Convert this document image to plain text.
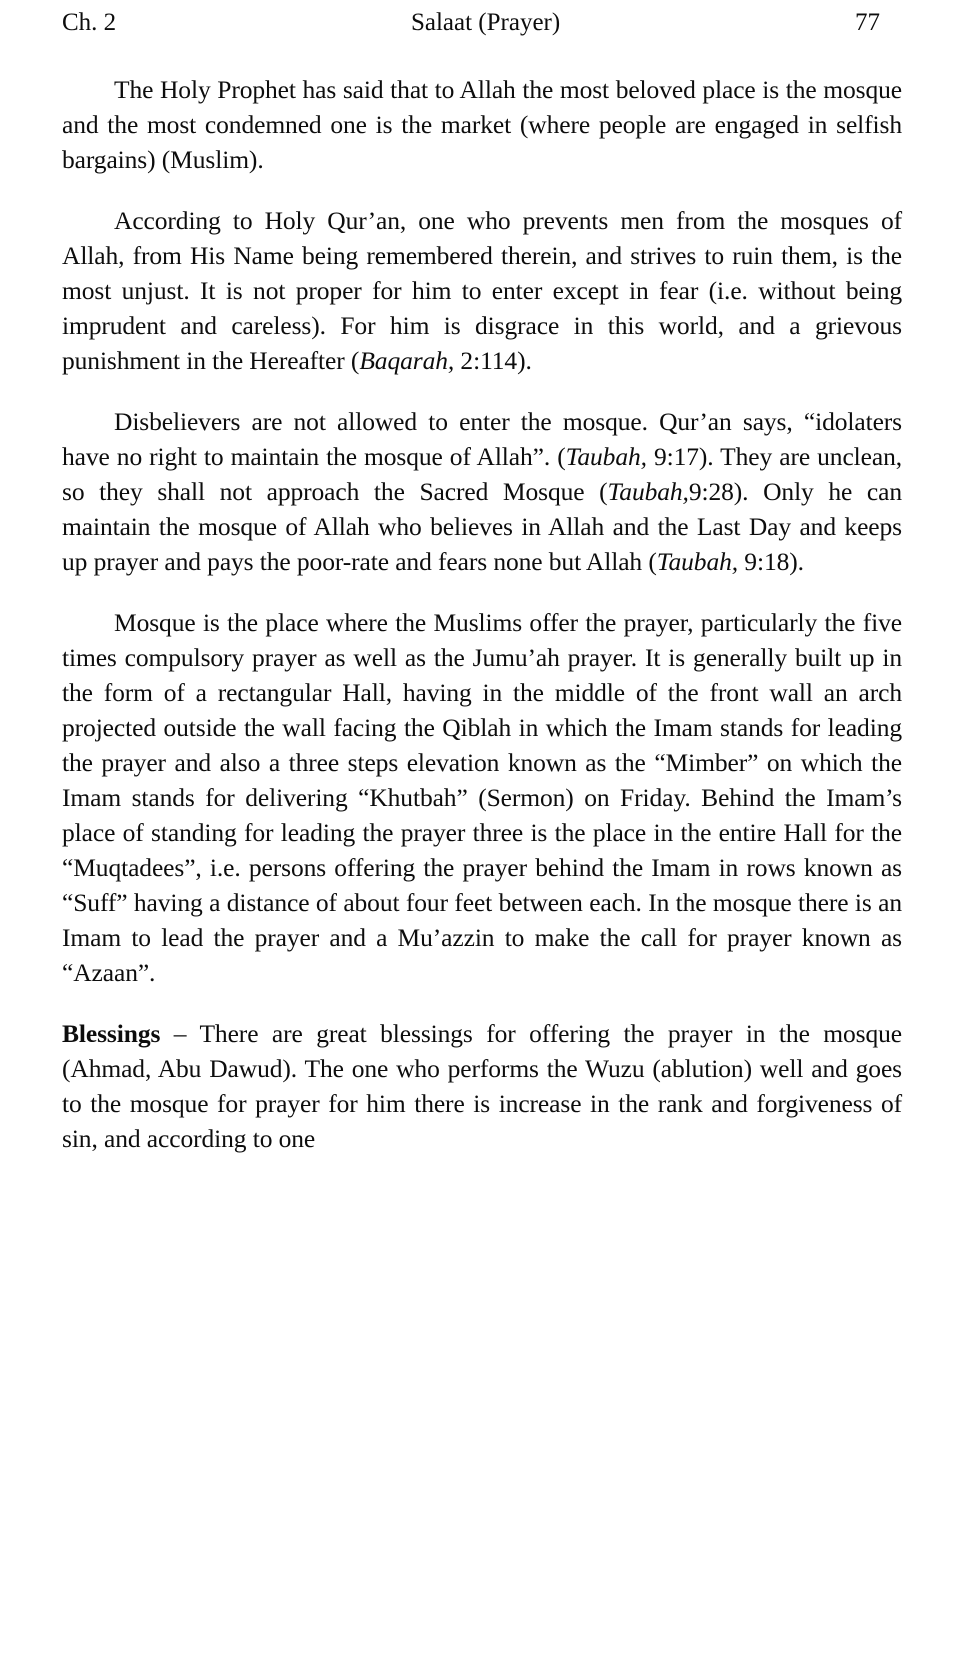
Ch. 2	Salaat (Prayer)	77

The Holy Prophet has said that to Allah the most beloved place is the mosque and the most condemned one is the market (where people are engaged in selfish bargains) (Muslim).

According to Holy Qur’an, one who prevents men from the mosques of Allah, from His Name being remembered therein, and strives to ruin them, is the most unjust. It is not proper for him to enter except in fear (i.e. without being imprudent and careless). For him is disgrace in this world, and a grievous punishment in the Hereafter (Baqarah, 2:114).

Disbelievers are not allowed to enter the mosque. Qur’an says, “idolaters have no right to maintain the mosque of Allah”. (Taubah, 9:17). They are unclean, so they shall not approach the Sacred Mosque (Taubah,9:28). Only he can maintain the mosque of Allah who believes in Allah and the Last Day and keeps up prayer and pays the poor-rate and fears none but Allah (Taubah, 9:18).

Mosque is the place where the Muslims offer the prayer, particularly the five times compulsory prayer as well as the Jumu’ah prayer. It is generally built up in the form of a rectangular Hall, having in the middle of the front wall an arch projected outside the wall facing the Qiblah in which the Imam stands for leading the prayer and also a three steps elevation known as the “Mimber” on which the Imam stands for delivering “Khutbah” (Sermon) on Friday. Behind the Imam’s place of standing for leading the prayer three is the place in the entire Hall for the “Muqtadees”, i.e. persons offering the prayer behind the Imam in rows known as “Suff” having a distance of about four feet between each. In the mosque there is an Imam to lead the prayer and a Mu’azzin to make the call for prayer known as “Azaan”.

Blessings – There are great blessings for offering the prayer in the mosque (Ahmad, Abu Dawud). The one who performs the Wuzu (ablution) well and goes to the mosque for prayer for him there is increase in the rank and forgiveness of sin, and according to one
